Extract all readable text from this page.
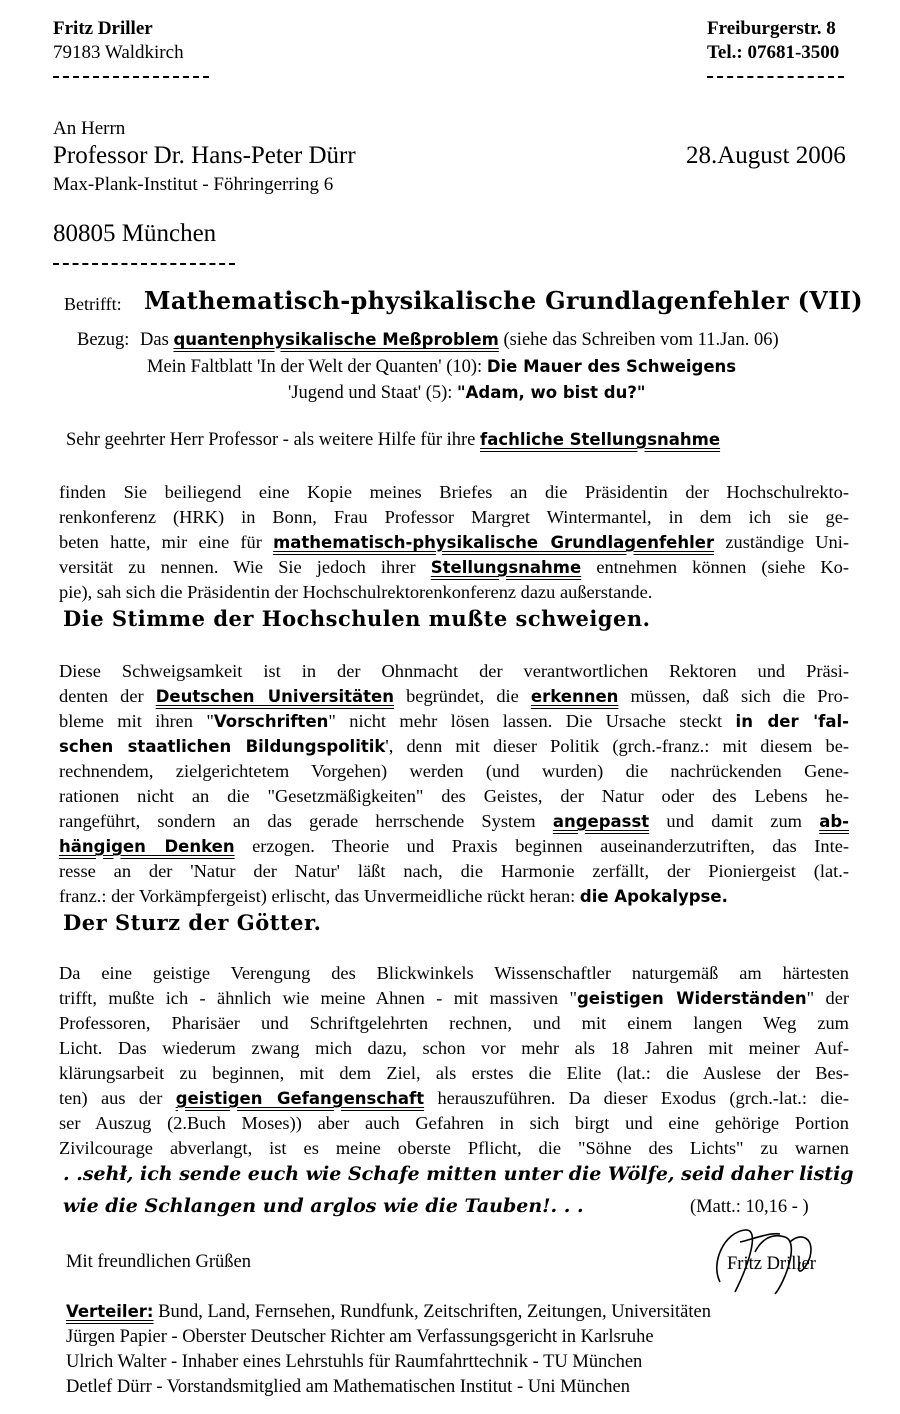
Fritz Driller
79183 Waldkirch
Freiburgerstr. 8
Tel.: 07681-3500
An Herrn
Professor Dr. Hans-Peter Dürr
Max-Plank-Institut - Föhringerring 6
28.August 2006
80805 München
Betrifft: Mathematisch-physikalische Grundlagenfehler (VII)
Bezug: Das quantenphysikalische Meßproblem (siehe das Schreiben vom 11.Jan. 06)
Mein Faltblatt 'In der Welt der Quanten' (10): Die Mauer des Schweigens
'Jugend und Staat' (5): "Adam, wo bist du?"
Sehr geehrter Herr Professor - als weitere Hilfe für ihre fachliche Stellungsnahme
finden Sie beiliegend eine Kopie meines Briefes an die Präsidentin der Hochschulrekto-
renkonferenz (HRK) in Bonn, Frau Professor Margret Wintermantel, in dem ich sie ge-
beten hatte, mir eine für mathematisch-physikalische Grundlagenfehler zuständige Uni-
versität zu nennen. Wie Sie jedoch ihrer Stellungsnahme entnehmen können (siehe Ko-
pie), sah sich die Präsidentin der Hochschulrektorenkonferenz dazu außerstande.
Die Stimme der Hochschulen mußte schweigen.
Diese Schweigsamkeit ist in der Ohnmacht der verantwortlichen Rektoren und Präsi-
denten der Deutschen Universitäten begründet, die erkennen müssen, daß sich die Pro-
bleme mit ihren "Vorschriften" nicht mehr lösen lassen. Die Ursache steckt in der 'fal-
schen staatlichen Bildungspolitik', denn mit dieser Politik (grch.-franz.: mit diesem be-
rechnendem, zielgerichtetem Vorgehen) werden (und wurden) die nachrückenden Gene-
rationen nicht an die "Gesetzmäßigkeiten" des Geistes, der Natur oder des Lebens he-
rangeführt, sondern an das gerade herrschende System angepasst und damit zum ab-
hängigen Denken erzogen. Theorie und Praxis beginnen auseinanderzutriften, das Inte-
resse an der 'Natur der Natur' läßt nach, die Harmonie zerfällt, der Pioniergeist (lat.-
franz.: der Vorkämpfergeist) erlischt, das Unvermeidliche rückt heran: die Apokalypse.
Der Sturz der Götter.
Da eine geistige Verengung des Blickwinkels Wissenschaftler naturgemäß am härtesten
trifft, mußte ich - ähnlich wie meine Ahnen - mit massiven "geistigen Widerständen" der
Professoren, Pharisäer und Schriftgelehrten rechnen, und mit einem langen Weg zum
Licht. Das wiederum zwang mich dazu, schon vor mehr als 18 Jahren mit meiner Auf-
klärungsarbeit zu beginnen, mit dem Ziel, als erstes die Elite (lat.: die Auslese der Bes-
ten) aus der geistigen Gefangenschaft herauszuführen. Da dieser Exodus (grch.-lat.: die-
ser Auszug (2.Buch Moses)) aber auch Gefahren in sich birgt und eine gehörige Portion
Zivilcourage abverlangt, ist es meine oberste Pflicht, die "Söhne des Lichts" zu warnen
. .sehł, ich sende euch wie Schafe mitten unter die Wölfe, seid daher listig
wie die Schlangen und arglos wie die Tauben!. . .	(Matt.: 10,16 - )
Mit freundlichen Grüßen	Fritz Driller
Verteiler: Bund, Land, Fernsehen, Rundfunk, Zeitschriften, Zeitungen, Universitäten
Jürgen Papier - Oberster Deutscher Richter am Verfassungsgericht in Karlsruhe
Ulrich Walter - Inhaber eines Lehrstuhls für Raumfahrttechnik - TU München
Detlef Dürr - Vorstandsmitglied am Mathematischen Institut - Uni München
